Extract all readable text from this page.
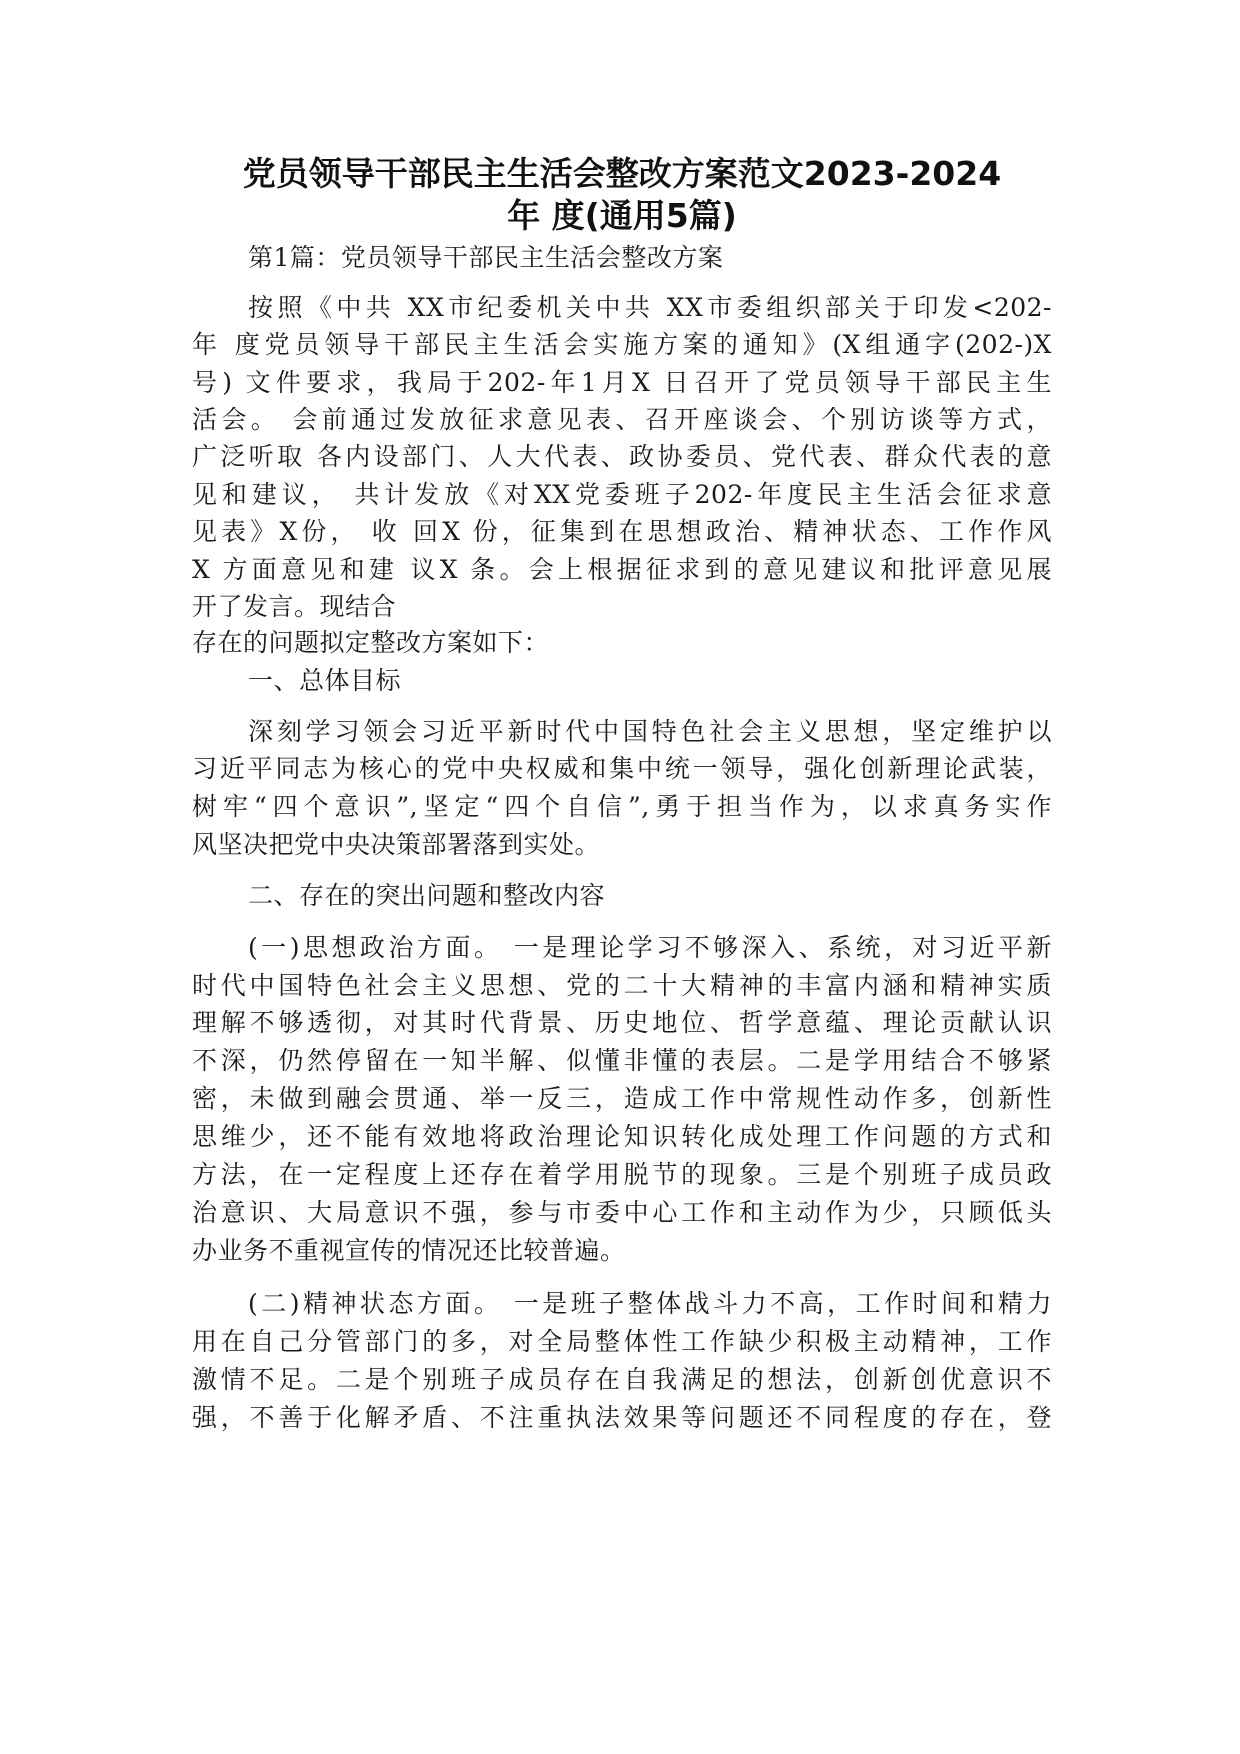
党员领导干部民主生活会整改方案范文2023-2024
年 度(通用5篇)
第1篇：党员领导干部民主生活会整改方案
按照《中共 XX市纪委机关中共 XX市委组织部关于印发<202-
年 度党员领导干部民主生活会实施方案的通知》(X组通字(202-)X
号) 文件要求，我局于202-年1月X 日召开了党员领导干部民主生
活会。 会前通过发放征求意见表、召开座谈会、个别访谈等方式，
广泛听取 各内设部门、人大代表、政协委员、党代表、群众代表的意
见和建议， 共计发放《对XX党委班子202-年度民主生活会征求意
见表》X份， 收 回X 份，征集到在思想政治、精神状态、工作作风
X 方面意见和建 议X 条。会上根据征求到的意见建议和批评意见展
开了发言。现结合
存在的问题拟定整改方案如下：
一、总体目标
深刻学习领会习近平新时代中国特色社会主义思想，坚定维护以
习近平同志为核心的党中央权威和集中统一领导，强化创新理论武装，
树牢“四个意识”,坚定“四个自信”,勇于担当作为，以求真务实作
风坚决把党中央决策部署落到实处。
二、存在的突出问题和整改内容
(一)思想政治方面。 一是理论学习不够深入、系统，对习近平新
时代中国特色社会主义思想、党的二十大精神的丰富内涵和精神实质
理解不够透彻，对其时代背景、历史地位、哲学意蕴、理论贡献认识
不深，仍然停留在一知半解、似懂非懂的表层。二是学用结合不够紧
密，未做到融会贯通、举一反三，造成工作中常规性动作多，创新性
思维少，还不能有效地将政治理论知识转化成处理工作问题的方式和
方法，在一定程度上还存在着学用脱节的现象。三是个别班子成员政
治意识、大局意识不强，参与市委中心工作和主动作为少，只顾低头
办业务不重视宣传的情况还比较普遍。
(二)精神状态方面。 一是班子整体战斗力不高，工作时间和精力
用在自己分管部门的多，对全局整体性工作缺少积极主动精神，工作
激情不足。二是个别班子成员存在自我满足的想法，创新创优意识不
强，不善于化解矛盾、不注重执法效果等问题还不同程度的存在，登
